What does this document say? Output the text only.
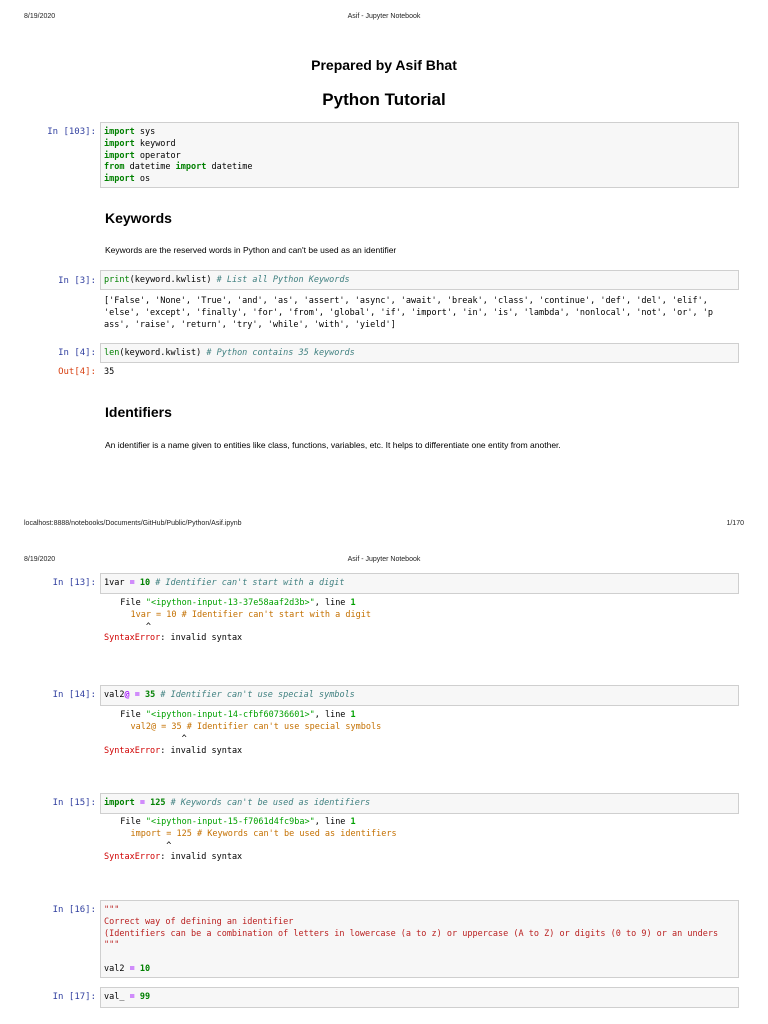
8/19/2020	Asif - Jupyter Notebook
Prepared by Asif Bhat
Python Tutorial
In [103]: import sys
import keyword
import operator
from datetime import datetime
import os
Keywords
Keywords are the reserved words in Python and can't be used as an identifier
In [3]: print(keyword.kwlist) # List all Python Keywords
['False', 'None', 'True', 'and', 'as', 'assert', 'async', 'await', 'break', 'class', 'continue', 'def', 'del', 'elif',
'else', 'except', 'finally', 'for', 'from', 'global', 'if', 'import', 'in', 'is', 'lambda', 'nonlocal', 'not', 'or', 'p
ass', 'raise', 'return', 'try', 'while', 'with', 'yield']
In [4]: len(keyword.kwlist) # Python contains 35 keywords
Out[4]: 35
Identifiers
An identifier is a name given to entities like class, functions, variables, etc. It helps to differentiate one entity from another.
localhost:8888/notebooks/Documents/GitHub/Public/Python/Asif.ipynb	1/170
8/19/2020	Asif - Jupyter Notebook
In [13]: 1var = 10 # Identifier can't start with a digit
File "<ipython-input-13-37e58aaf2d3b>", line 1
1var = 10 # Identifier can't start with a digit
^

SyntaxError: invalid syntax
In [14]: val2@ = 35 # Identifier can't use special symbols
File "<ipython-input-14-cfbf60736601>", line 1
val2@ = 35 # Identifier can't use special symbols
^

SyntaxError: invalid syntax
In [15]: import = 125 # Keywords can't be used as identifiers
File "<ipython-input-15-f7061d4fc9ba>", line 1
import = 125 # Keywords can't be used as identifiers
^

SyntaxError: invalid syntax
In [16]: """
Correct way of defining an identifier
(Identifiers can be a combination of letters in lowercase (a to z) or uppercase (A to Z) or digits (0 to 9) or an unders
"""

val2 = 10
In [17]: val_ = 99
